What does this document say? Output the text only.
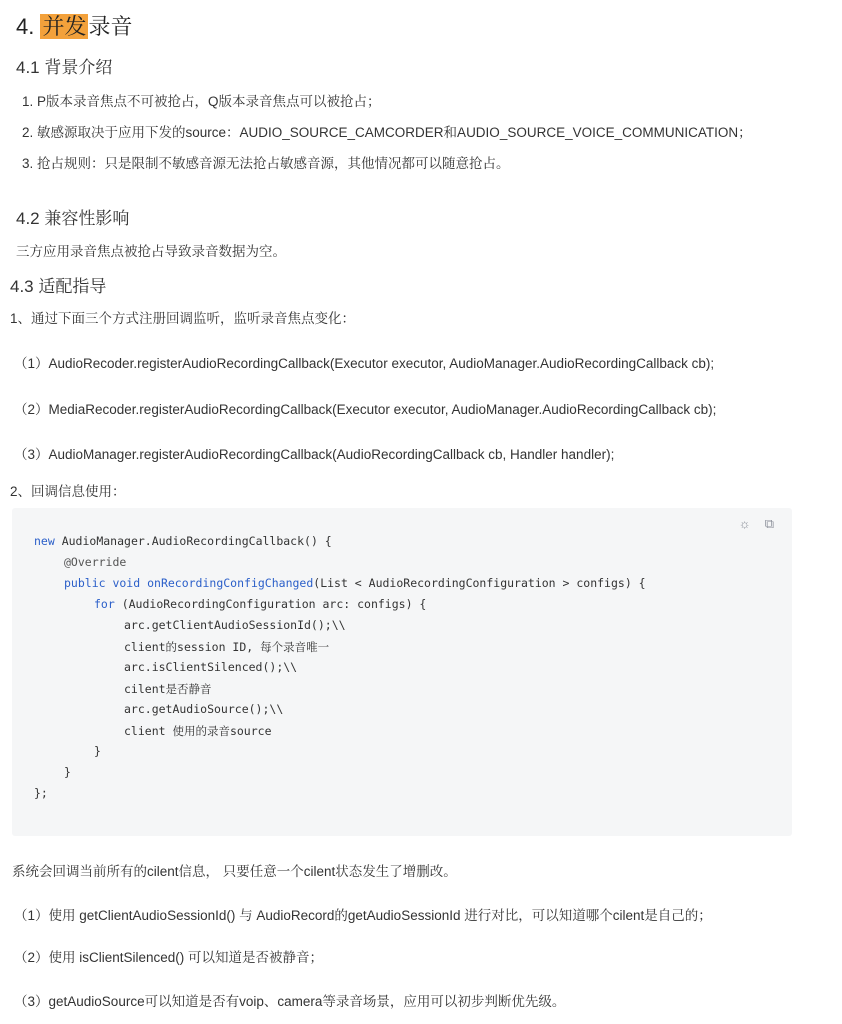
4. 并发录音
4.1 背景介绍
1. P版本录音焦点不可被抢占，Q版本录音焦点可以被抢占；
2. 敏感源取决于应用下发的source：AUDIO_SOURCE_CAMCORDER和AUDIO_SOURCE_VOICE_COMMUNICATION；
3. 抢占规则：只是限制不敏感音源无法抢占敏感音源，其他情况都可以随意抢占。
4.2 兼容性影响
三方应用录音焦点被抢占导致录音数据为空。
4.3 适配指导
1、通过下面三个方式注册回调监听，监听录音焦点变化：
（1）AudioRecoder.registerAudioRecordingCallback(Executor executor, AudioManager.AudioRecordingCallback cb);
（2）MediaRecoder.registerAudioRecordingCallback(Executor executor, AudioManager.AudioRecordingCallback cb);
（3）AudioManager.registerAudioRecordingCallback(AudioRecordingCallback cb, Handler handler);
2、回调信息使用：
☼ ⧉
new AudioManager.AudioRecordingCallback() {
@Override
public void onRecordingConfigChanged(List < AudioRecordingConfiguration > configs) {
for (AudioRecordingConfiguration arc: configs) {
arc.getClientAudioSessionId();\\
client的session ID, 每个录音唯一
arc.isClientSilenced();\\
cilent是否静音
arc.getAudioSource();\\
client 使用的录音source
}
}
};
系统会回调当前所有的cilent信息， 只要任意一个cilent状态发生了增删改。
（1）使用 getClientAudioSessionId() 与 AudioRecord的getAudioSessionId 进行对比，可以知道哪个cilent是自己的；
（2）使用 isClientSilenced() 可以知道是否被静音；
（3）getAudioSource可以知道是否有voip、camera等录音场景，应用可以初步判断优先级。
